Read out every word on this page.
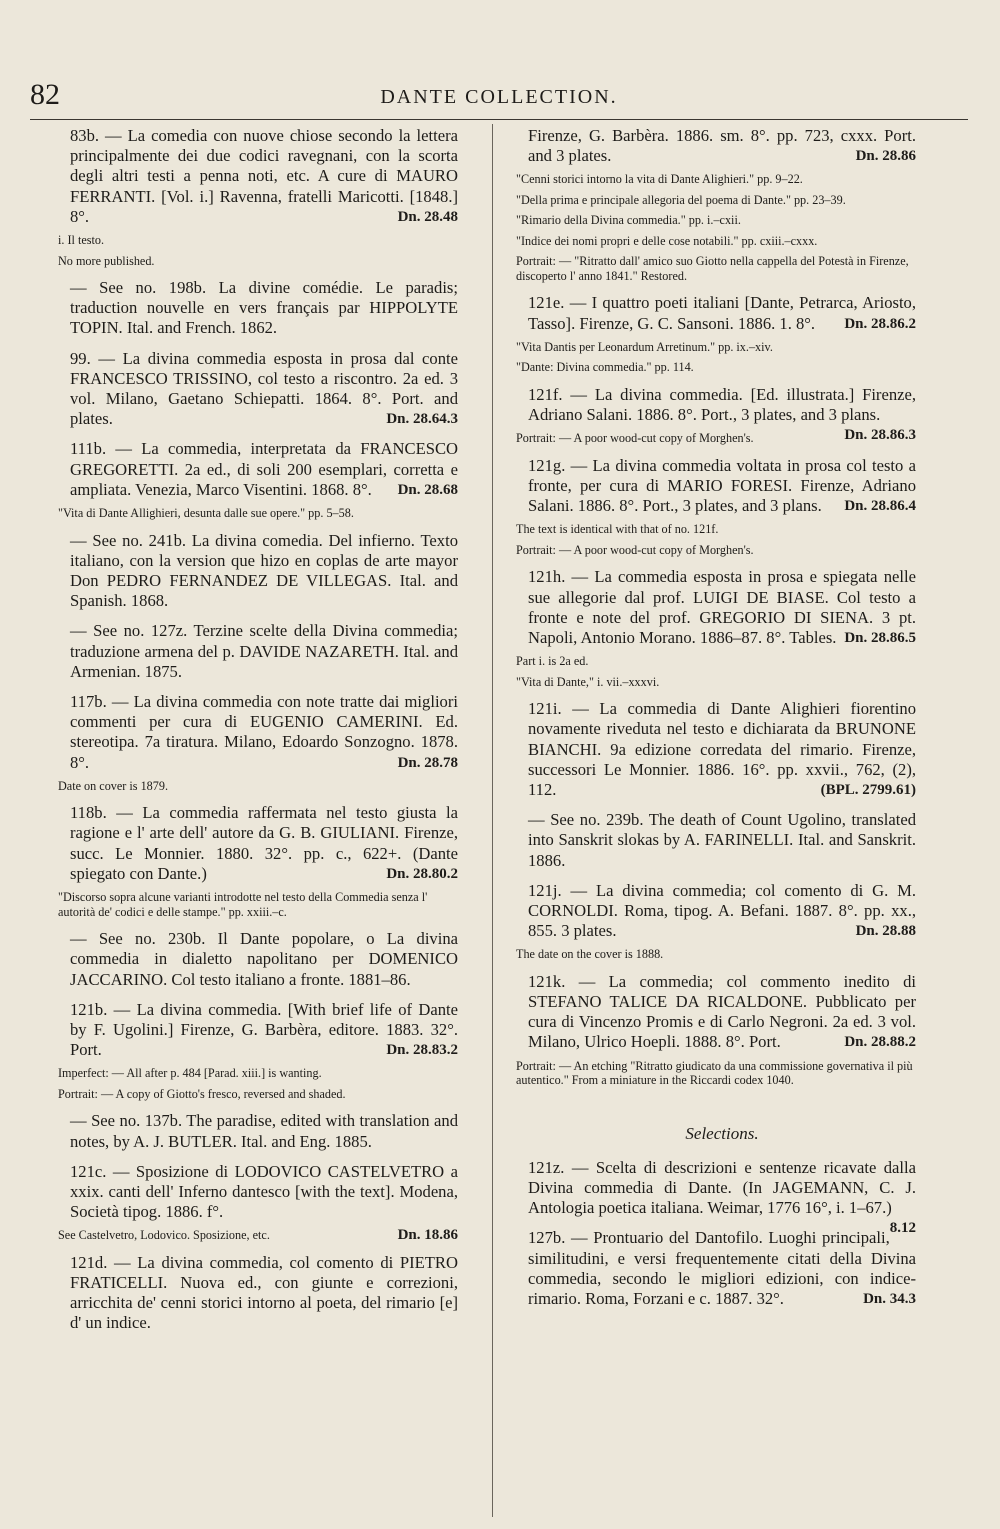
82	DANTE COLLECTION.
83b. — La comedia con nuove chiose secondo la lettera principalmente dei due codici ravegnani, con la scorta degli altri testi a penna noti, etc. A cure di MAURO FERRANTI. [Vol. i.] Ravenna, fratelli Maricotti. [1848.] 8°.	Dn. 28.48
i. Il testo.
No more published.
— See no. 198b. La divine comédie. Le paradis; traduction nouvelle en vers français par HIPPOLYTE TOPIN. Ital. and French. 1862.
99. — La divina commedia esposta in prosa dal conte FRANCESCO TRISSINO, col testo a riscontro. 2a ed. 3 vol. Milano, Gaetano Schiepatti. 1864. 8°. Port. and plates.	Dn. 28.64.3
111b. — La commedia, interpretata da FRANCESCO GREGORETTI. 2a ed., di soli 200 esemplari, corretta e ampliata. Venezia, Marco Visentini. 1868. 8°. Dn. 28.68
"Vita di Dante Allighieri, desunta dalle sue opere." pp. 5–58.
— See no. 241b. La divina comedia. Del infierno. Texto italiano, con la version que hizo en coplas de arte mayor Don PEDRO FERNANDEZ DE VILLEGAS. Ital. and Spanish. 1868.
— See no. 127z. Terzine scelte della Divina commedia; traduzione armena del p. DAVIDE NAZARETH. Ital. and Armenian. 1875.
117b. — La divina commedia con note tratte dai migliori commenti per cura di EUGENIO CAMERINI. Ed. stereotipa. 7a tiratura. Milano, Edoardo Sonzogno. 1878. 8°.	Dn. 28.78
Date on cover is 1879.
118b. — La commedia raffermata nel testo giusta la ragione e l' arte dell' autore da G. B. GIULIANI. Firenze, succ. Le Monnier. 1880. 32°. pp. c., 622+. (Dante spiegato con Dante.)	Dn. 28.80.2
"Discorso sopra alcune varianti introdotte nel testo della Commedia senza l' autorità de' codici e delle stampe." pp. xxiii.–c.
— See no. 230b. Il Dante popolare, o La divina commedia in dialetto napolitano per DOMENICO JACCARINO. Col testo italiano a fronte. 1881–86.
121b. — La divina commedia. [With brief life of Dante by F. Ugolini.] Firenze, G. Barbèra, editore. 1883. 32°. Port.	Dn. 28.83.2
Imperfect: — All after p. 484 [Parad. xiii.] is wanting.
Portrait: — A copy of Giotto's fresco, reversed and shaded.
— See no. 137b. The paradise, edited with translation and notes, by A. J. BUTLER. Ital. and Eng. 1885.
121c. — Sposizione di LODOVICO CASTELVETRO a xxix. canti dell' Inferno dantesco [with the text]. Modena, Società tipog. 1886. f°.
See Castelvetro, Lodovico. Sposizione, etc.	Dn. 18.86
121d. — La divina commedia, col comento di PIETRO FRATICELLI. Nuova ed., con giunte e correzioni, arricchita de' cenni storici intorno al poeta, del rimario [e] d' un indice.
Firenze, G. Barbèra. 1886. sm. 8°. pp. 723, cxxx. Port. and 3 plates.	Dn. 28.86
"Cenni storici intorno la vita di Dante Alighieri." pp. 9–22.
"Della prima e principale allegoria del poema di Dante." pp. 23–39.
"Rimario della Divina commedia." pp. i.–cxii.
"Indice dei nomi propri e delle cose notabili." pp. cxiii.–cxxx.
Portrait: — "Ritratto dall' amico suo Giotto nella cappella del Potestà in Firenze, discoperto l' anno 1841." Restored.
121e. — I quattro poeti italiani [Dante, Petrarca, Ariosto, Tasso]. Firenze, G. C. Sansoni. 1886. 1. 8°. Dn. 28.86.2
"Vita Dantis per Leonardum Arretinum." pp. ix.–xiv.
"Dante: Divina commedia." pp. 114.
121f. — La divina commedia. [Ed. illustrata.] Firenze, Adriano Salani. 1886. 8°. Port., 3 plates, and 3 plans.
Dn. 28.86.3
Portrait: — A poor wood-cut copy of Morghen's.
121g. — La divina commedia voltata in prosa col testo a fronte, per cura di MARIO FORESI. Firenze, Adriano Salani. 1886. 8°. Port., 3 plates, and 3 plans. Dn. 28.86.4
The text is identical with that of no. 121f.
Portrait: — A poor wood-cut copy of Morghen's.
121h. — La commedia esposta in prosa e spiegata nelle sue allegorie dal prof. LUIGI DE BIASE. Col testo a fronte e note del prof. GREGORIO DI SIENA. 3 pt. Napoli, Antonio Morano. 1886–87. 8°. Tables. Dn. 28.86.5
Part i. is 2a ed.
"Vita di Dante," i. vii.–xxxvi.
121i. — La commedia di Dante Alighieri fiorentino novamente riveduta nel testo e dichiarata da BRUNONE BIANCHI. 9a edizione corredata del rimario. Firenze, successori Le Monnier. 1886. 16°. pp. xxvii., 762, (2), 112.	(BPL. 2799.61)
— See no. 239b. The death of Count Ugolino, translated into Sanskrit slokas by A. FARINELLI. Ital. and Sanskrit. 1886.
121j. — La divina commedia; col comento di G. M. CORNOLDI. Roma, tipog. A. Befani. 1887. 8°. pp. xx., 855. 3 plates.	Dn. 28.88
The date on the cover is 1888.
121k. — La commedia; col commento inedito di STEFANO TALICE DA RICALDONE. Pubblicato per cura di Vincenzo Promis e di Carlo Negroni. 2a ed. 3 vol. Milano, Ulrico Hoepli. 1888. 8°. Port.	Dn. 28.88.2
Portrait: — An etching "Ritratto giudicato da una commissione governativa il più autentico." From a miniature in the Riccardi codex 1040.
Selections.
121z. — Scelta di descrizioni e sentenze ricavate dalla Divina commedia di Dante. (In JAGEMANN, C. J. Antologia poetica italiana. Weimar, 1776 16°, i. 1–67.)
8.12
127b. — Prontuario del Dantofilo. Luoghi principali, similitudini, e versi frequentemente citati della Divina commedia, secondo le migliori edizioni, con indice-rimario. Roma, Forzani e c. 1887. 32°.	Dn. 34.3
